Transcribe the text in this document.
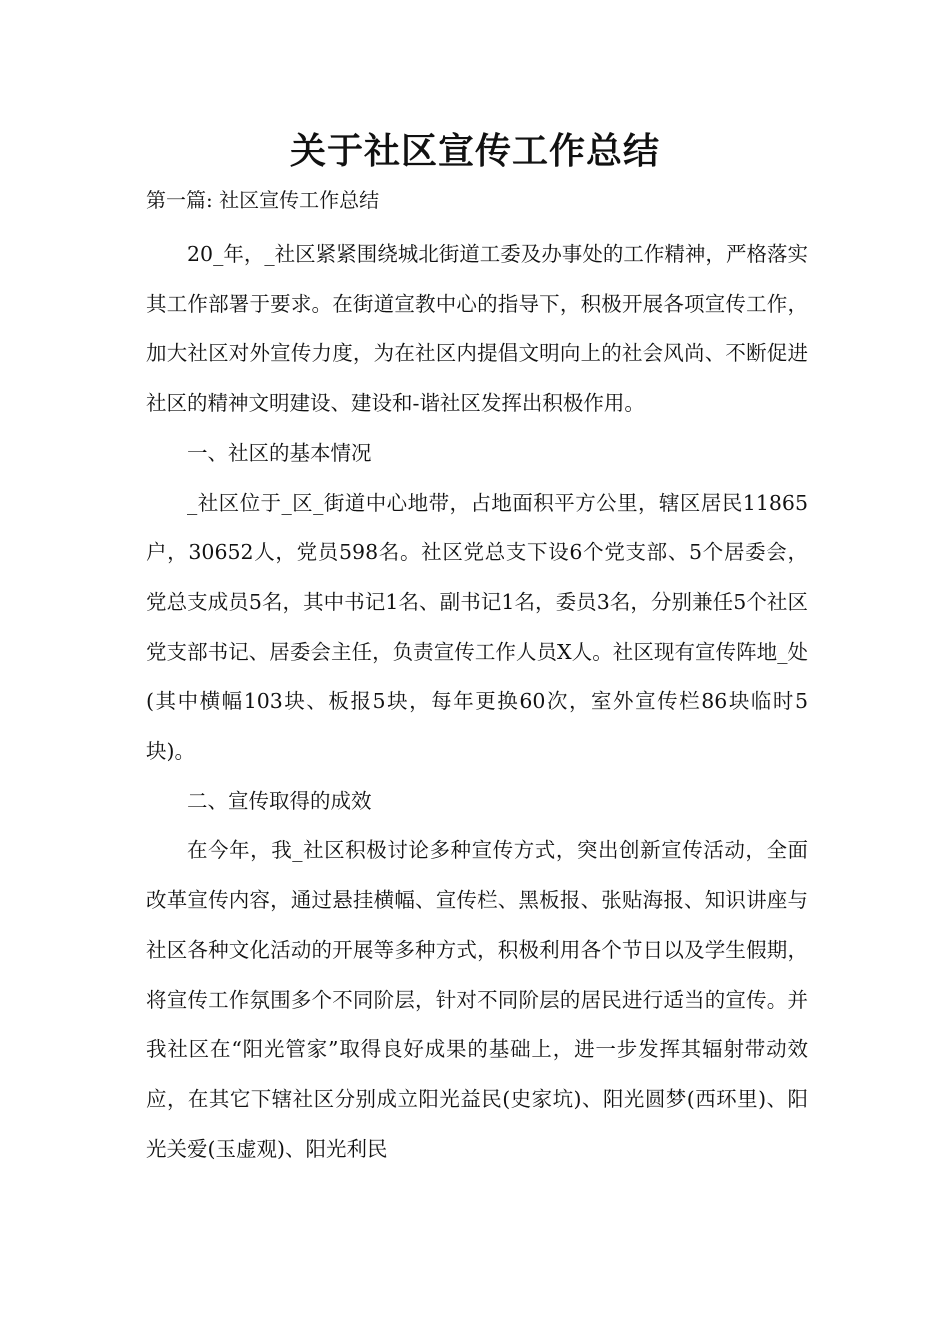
关于社区宣传工作总结

第一篇: 社区宣传工作总结

20_年，_社区紧紧围绕城北街道工委及办事处的工作精神，严格落实其工作部署于要求。在街道宣教中心的指导下，积极开展各项宣传工作，加大社区对外宣传力度，为在社区内提倡文明向上的社会风尚、不断促进社区的精神文明建设、建设和-谐社区发挥出积极作用。

一、社区的基本情况

_社区位于_区_街道中心地带，占地面积平方公里，辖区居民11865户，30652人，党员598名。社区党总支下设6个党支部、5个居委会，党总支成员5名，其中书记1名、副书记1名，委员3名，分别兼任5个社区党支部书记、居委会主任，负责宣传工作人员X人。社区现有宣传阵地_处(其中横幅103块、板报5块，每年更换60次，室外宣传栏86块临时5块)。

二、宣传取得的成效

在今年，我_社区积极讨论多种宣传方式，突出创新宣传活动，全面改革宣传内容，通过悬挂横幅、宣传栏、黑板报、张贴海报、知识讲座与社区各种文化活动的开展等多种方式，积极利用各个节日以及学生假期，将宣传工作氛围多个不同阶层，针对不同阶层的居民进行适当的宣传。并我社区在“阳光管家”取得良好成果的基础上，进一步发挥其辐射带动效应，在其它下辖社区分别成立阳光益民(史家坑)、阳光圆梦(西环里)、阳光关爱(玉虚观)、阳光利民
